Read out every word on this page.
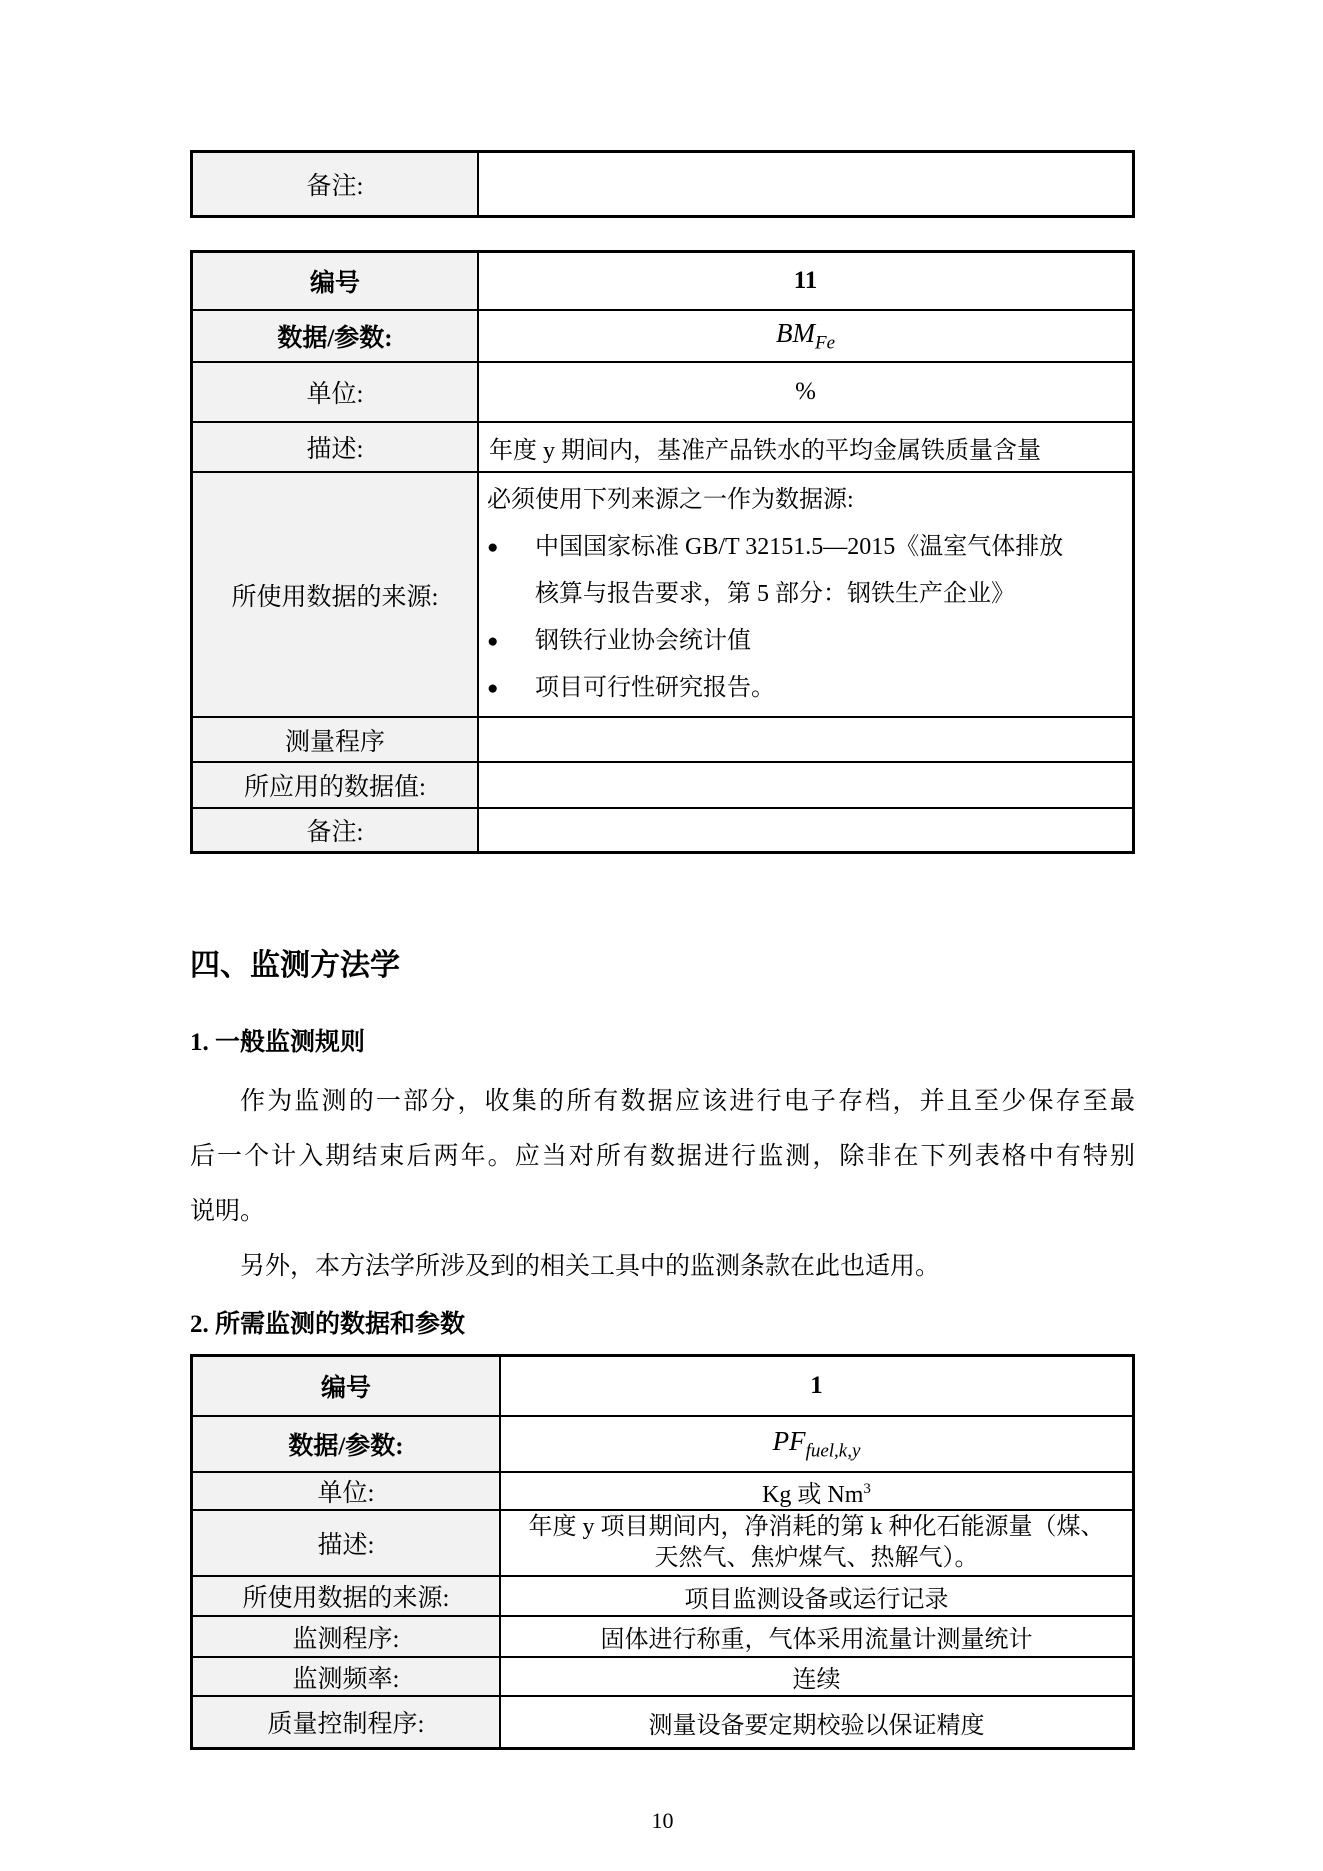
备注:
编号	11
数据/参数:	$BM_{Fe}$
单位:	%
描述:	年度 y 期间内，基准产品铁水的平均金属铁质量含量
所使用数据的来源:
必须使用下列来源之一作为数据源:
●	中国国家标准 GB/T 32151.5—2015《温室气体排放
核算与报告要求，第 5 部分：钢铁生产企业》
●	钢铁行业协会统计值
●	项目可行性研究报告。
测量程序
所应用的数据值:
备注:
四、监测方法学
1. 一般监测规则
作为监测的一部分，收集的所有数据应该进行电子存档，并且至少保存至最
后一个计入期结束后两年。应当对所有数据进行监测，除非在下列表格中有特别
说明。
另外，本方法学所涉及到的相关工具中的监测条款在此也适用。
2. 所需监测的数据和参数
编号	1
数据/参数:	$PF_{fuel,k,y}$
单位:	Kg 或 Nm$^3$
描述:
年度 y 项目期间内，净消耗的第 k 种化石能源量（煤、
天然气、焦炉煤气、热解气）。
所使用数据的来源:	项目监测设备或运行记录
监测程序:	固体进行称重，气体采用流量计测量统计
监测频率:	连续
质量控制程序:	测量设备要定期校验以保证精度
10
